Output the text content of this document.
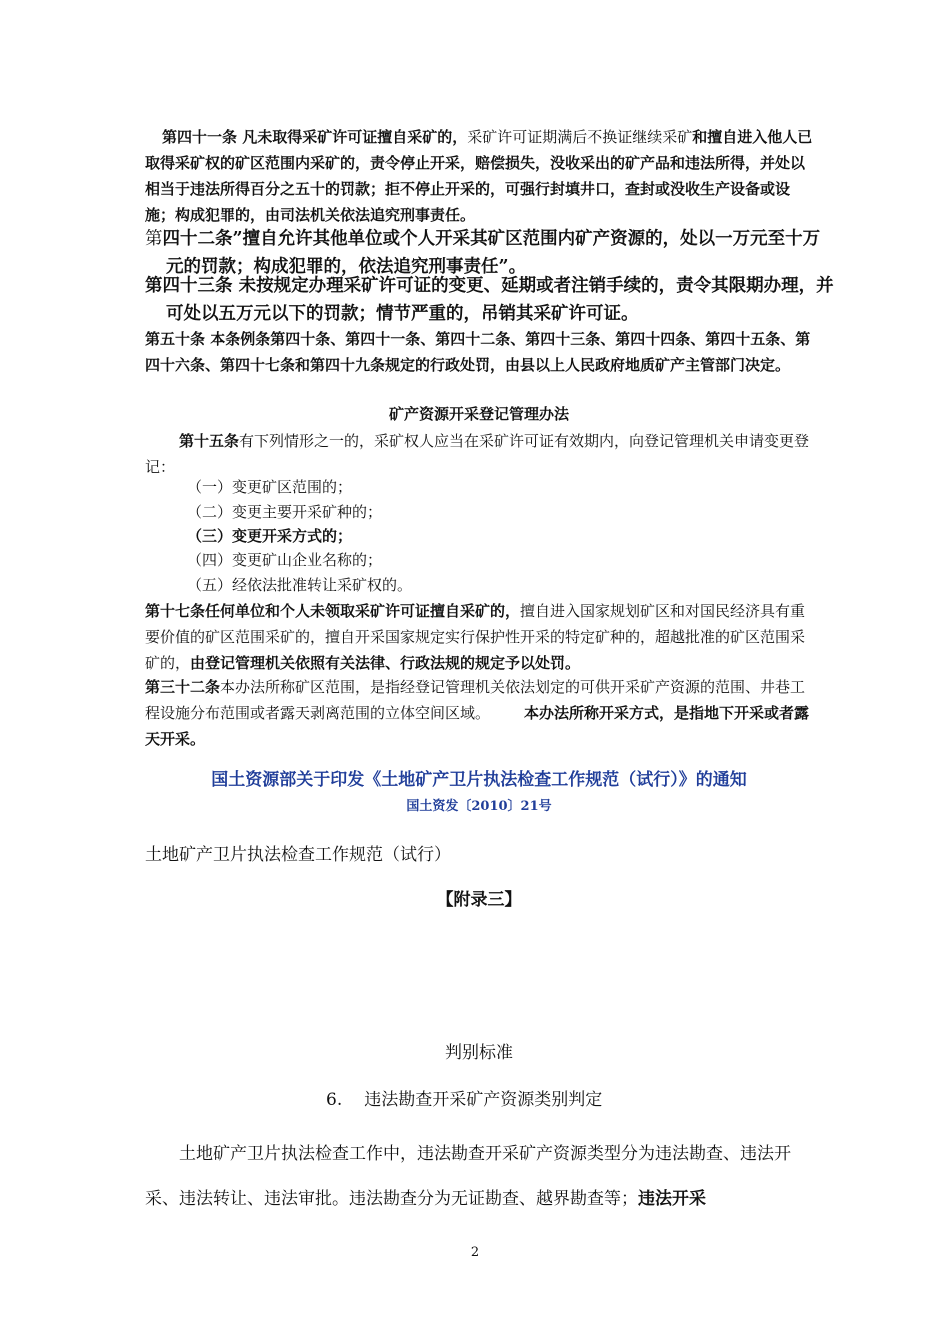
第四十一条 凡未取得采矿许可证擅自采矿的，采矿许可证期满后不换证继续采矿和擅自进入他人已取得采矿权的矿区范围内采矿的，责令停止开采，赔偿损失，没收采出的矿产品和违法所得，并处以相当于违法所得百分之五十的罚款；拒不停止开采的，可强行封填井口，查封或没收生产设备或设施；构成犯罪的，由司法机关依法追究刑事责任。

第四十二条”擅自允许其他单位或个人开采其矿区范围内矿产资源的，处以一万元至十万元的罚款；构成犯罪的，依法追究刑事责任”。

第四十三条 未按规定办理采矿许可证的变更、延期或者注销手续的，责令其限期办理，并可处以五万元以下的罚款；情节严重的，吊销其采矿许可证。

第五十条 本条例条第四十条、第四十一条、第四十二条、第四十三条、第四十四条、第四十五条、第四十六条、第四十七条和第四十九条规定的行政处罚，由县以上人民政府地质矿产主管部门决定。

矿产资源开采登记管理办法

第十五条有下列情形之一的，采矿权人应当在采矿许可证有效期内，向登记管理机关申请变更登记：

（一）变更矿区范围的；
（二）变更主要开采矿种的；
（三）变更开采方式的；
（四）变更矿山企业名称的；
（五）经依法批准转让采矿权的。

第十七条任何单位和个人未领取采矿许可证擅自采矿的，擅自进入国家规划矿区和对国民经济具有重要价值的矿区范围采矿的，擅自开采国家规定实行保护性开采的特定矿种的，超越批准的矿区范围采矿的，由登记管理机关依照有关法律、行政法规的规定予以处罚。

第三十二条本办法所称矿区范围，是指经登记管理机关依法划定的可供开采矿产资源的范围、井巷工程设施分布范围或者露天剥离范围的立体空间区域。 本办法所称开采方式，是指地下开采或者露天开采。

国土资源部关于印发《土地矿产卫片执法检查工作规范（试行）》的通知

国土资发〔2010〕21号

土地矿产卫片执法检查工作规范（试行）

【附录三】

判别标准

6. 违法勘查开采矿产资源类别判定

土地矿产卫片执法检查工作中，违法勘查开采矿产资源类型分为违法勘查、违法开采、违法转让、违法审批。违法勘查分为无证勘查、越界勘查等；违法开采

2
